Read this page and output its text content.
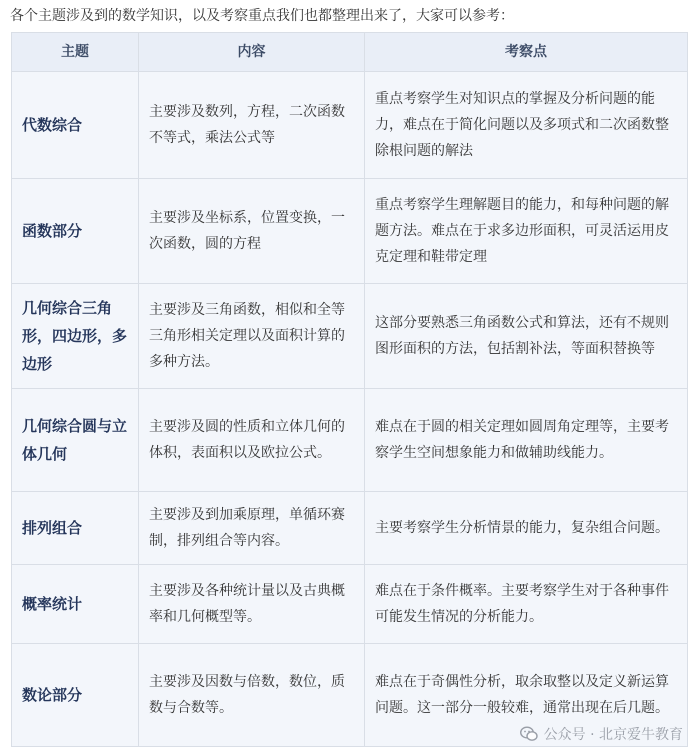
各个主题涉及到的数学知识，以及考察重点我们也都整理出来了，大家可以参考：
主题	内容	考察点
代数综合	主要涉及数列，方程，二次函数不等式，乘法公式等	重点考察学生对知识点的掌握及分析问题的能力，难点在于简化问题以及多项式和二次函数整除根问题的解法
函数部分	主要涉及坐标系，位置变换，一次函数，圆的方程	重点考察学生理解题目的能力，和每种问题的解题方法。难点在于求多边形面积，可灵活运用皮克定理和鞋带定理
几何综合三角形，四边形，多边形	主要涉及三角函数，相似和全等三角形相关定理以及面积计算的多种方法。	这部分要熟悉三角函数公式和算法，还有不规则图形面积的方法，包括割补法，等面积替换等
几何综合圆与立体几何	主要涉及圆的性质和立体几何的体积，表面积以及欧拉公式。	难点在于圆的相关定理如圆周角定理等，主要考察学生空间想象能力和做辅助线能力。
排列组合	主要涉及到加乘原理，单循环赛制，排列组合等内容。	主要考察学生分析情景的能力，复杂组合问题。
概率统计	主要涉及各种统计量以及古典概率和几何概型等。	难点在于条件概率。主要考察学生对于各种事件可能发生情况的分析能力。
数论部分	主要涉及因数与倍数，数位，质数与合数等。	难点在于奇偶性分析，取余取整以及定义新运算问题。这一部分一般较难，通常出现在后几题。
公众号 · 北京爱牛教育
